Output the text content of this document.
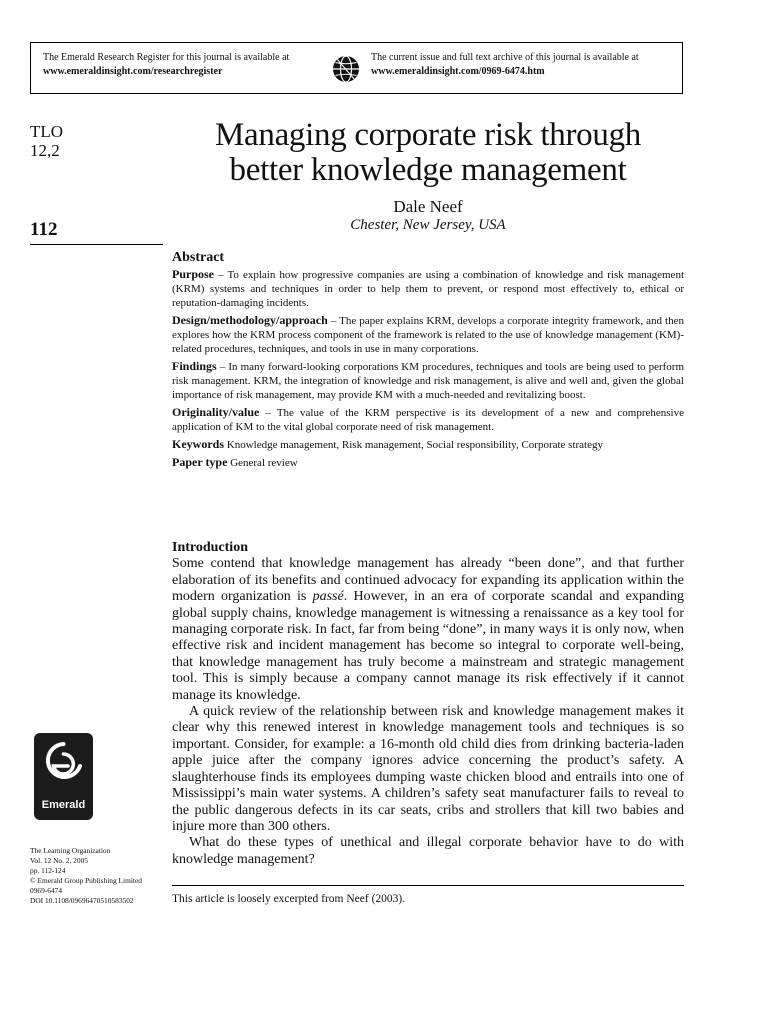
The Emerald Research Register for this journal is available at
www.emeraldinsight.com/researchregister
The current issue and full text archive of this journal is available at
www.emeraldinsight.com/0969-6474.htm
TLO
12,2
112
Managing corporate risk through
better knowledge management
Dale Neef
Chester, New Jersey, USA
Abstract

Purpose – To explain how progressive companies are using a combination of knowledge and risk management (KRM) systems and techniques in order to help them to prevent, or respond most effectively to, ethical or reputation-damaging incidents.

Design/methodology/approach – The paper explains KRM, develops a corporate integrity framework, and then explores how the KRM process component of the framework is related to the use of knowledge management (KM)-related procedures, techniques, and tools in use in many corporations.

Findings – In many forward-looking corporations KM procedures, techniques and tools are being used to perform risk management. KRM, the integration of knowledge and risk management, is alive and well and, given the global importance of risk management, may provide KM with a much-needed and revitalizing boost.

Originality/value – The value of the KRM perspective is its development of a new and comprehensive application of KM to the vital global corporate need of risk management.

Keywords Knowledge management, Risk management, Social responsibility, Corporate strategy

Paper type General review

Introduction

Some contend that knowledge management has already “been done”, and that further elaboration of its benefits and continued advocacy for expanding its application within the modern organization is passé. However, in an era of corporate scandal and expanding global supply chains, knowledge management is witnessing a renaissance as a key tool for managing corporate risk. In fact, far from being “done”, in many ways it is only now, when effective risk and incident management has become so integral to corporate well-being, that knowledge management has truly become a mainstream and strategic management tool. This is simply because a company cannot manage its risk effectively if it cannot manage its knowledge.

A quick review of the relationship between risk and knowledge management makes it clear why this renewed interest in knowledge management tools and techniques is so important. Consider, for example: a 16-month old child dies from drinking bacteria-laden apple juice after the company ignores advice concerning the product’s safety. A slaughterhouse finds its employees dumping waste chicken blood and entrails into one of Mississippi’s main water systems. A children’s safety seat manufacturer fails to reveal to the public dangerous defects in its car seats, cribs and strollers that kill two babies and injure more than 300 others.

What do these types of unethical and illegal corporate behavior have to do with knowledge management?

This article is loosely excerpted from Neef (2003).
Emerald
The Learning Organization
Vol. 12 No. 2, 2005
pp. 112-124
© Emerald Group Publishing Limited
0969-6474
DOI 10.1108/09696470510583502
